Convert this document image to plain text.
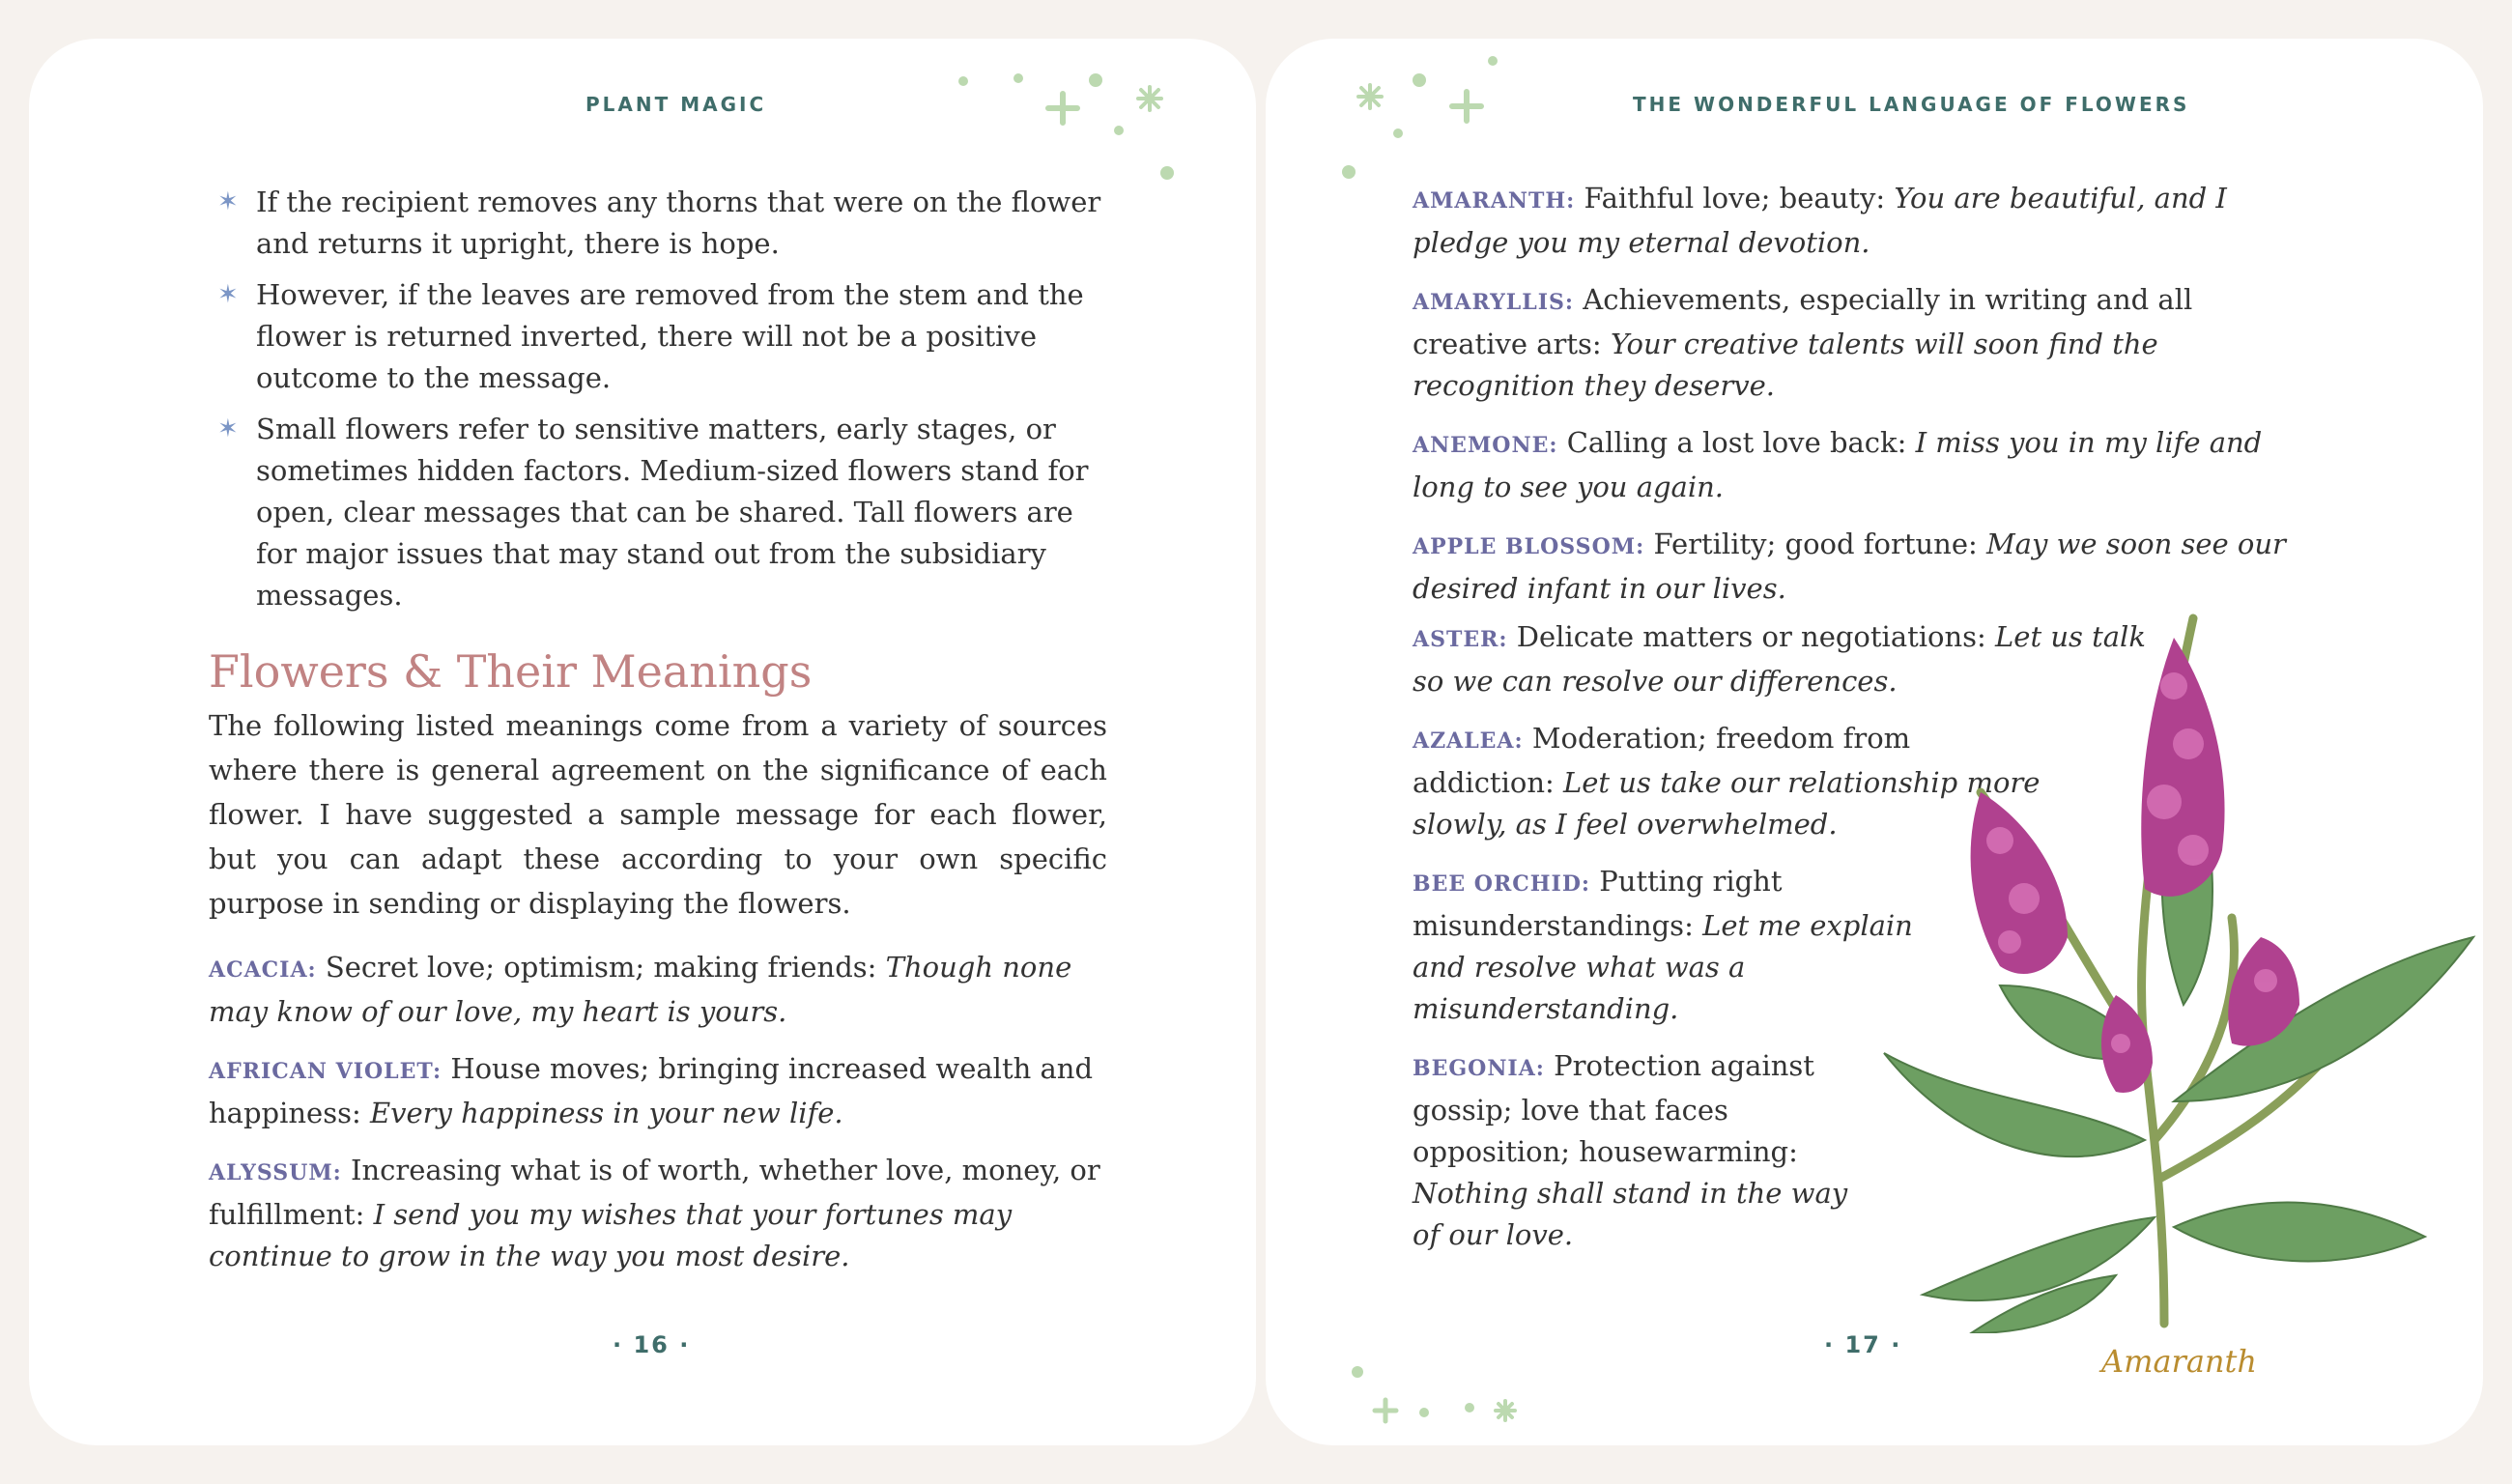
PLANT MAGIC	THE WONDERFUL LANGUAGE OF FLOWERS
✶ If the recipient removes any thorns that were on the flower and returns it upright, there is hope.
✶ However, if the leaves are removed from the stem and the flower is returned inverted, there will not be a positive outcome to the message.
✶ Small flowers refer to sensitive matters, early stages, or sometimes hidden factors. Medium-sized flowers stand for open, clear messages that can be shared. Tall flowers are for major issues that may stand out from the subsidiary messages.
Flowers & Their Meanings

The following listed meanings come from a variety of sources where there is general agreement on the significance of each flower. I have suggested a sample message for each flower, but you can adapt these according to your own specific purpose in sending or displaying the flowers.

ACACIA: Secret love; optimism; making friends: Though none may know of our love, my heart is yours.

AFRICAN VIOLET: House moves; bringing increased wealth and happiness: Every happiness in your new life.

ALYSSUM: Increasing what is of worth, whether love, money, or fulfillment: I send you my wishes that your fortunes may continue to grow in the way you most desire.

AMARANTH: Faithful love; beauty: You are beautiful, and I pledge you my eternal devotion.

AMARYLLIS: Achievements, especially in writing and all creative arts: Your creative talents will soon find the recognition they deserve.

ANEMONE: Calling a lost love back: I miss you in my life and long to see you again.

APPLE BLOSSOM: Fertility; good fortune: May we soon see our desired infant in our lives.

ASTER: Delicate matters or negotiations: Let us talk so we can resolve our differences.

AZALEA: Moderation; freedom from addiction: Let us take our relationship more slowly, as I feel overwhelmed.

BEE ORCHID: Putting right misunderstandings: Let me explain and resolve what was a misunderstanding.

BEGONIA: Protection against gossip; love that faces opposition; housewarming: Nothing shall stand in the way of our love.

· 16 ·	· 17 ·	Amaranth
